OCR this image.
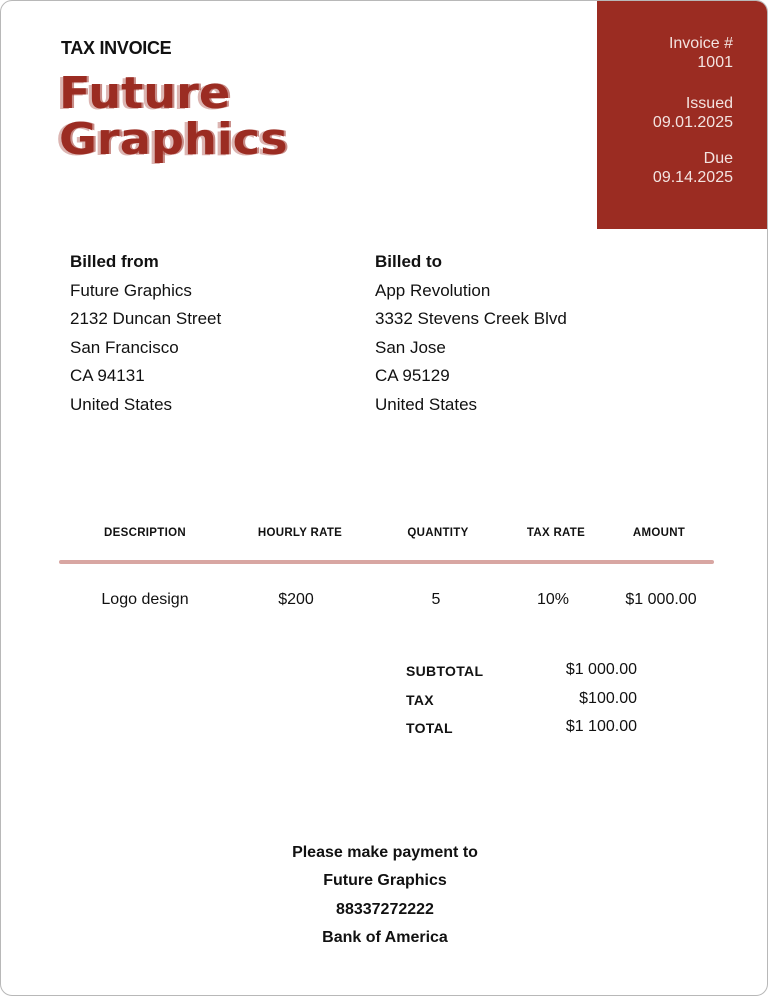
TAX INVOICE
Future
Graphics
Invoice #
1001
Issued
09.01.2025
Due
09.14.2025
Billed from
Future Graphics
2132 Duncan Street
San Francisco
CA 94131
United States
Billed to
App Revolution
3332 Stevens Creek Blvd
San Jose
CA 95129
United States
DESCRIPTION	HOURLY RATE	QUANTITY	TAX RATE	AMOUNT
Logo design	$200	5	10%	$1 000.00
SUBTOTAL	$1 000.00
TAX	$100.00
TOTAL	$1 100.00
Please make payment to
Future Graphics
88337272222
Bank of America
